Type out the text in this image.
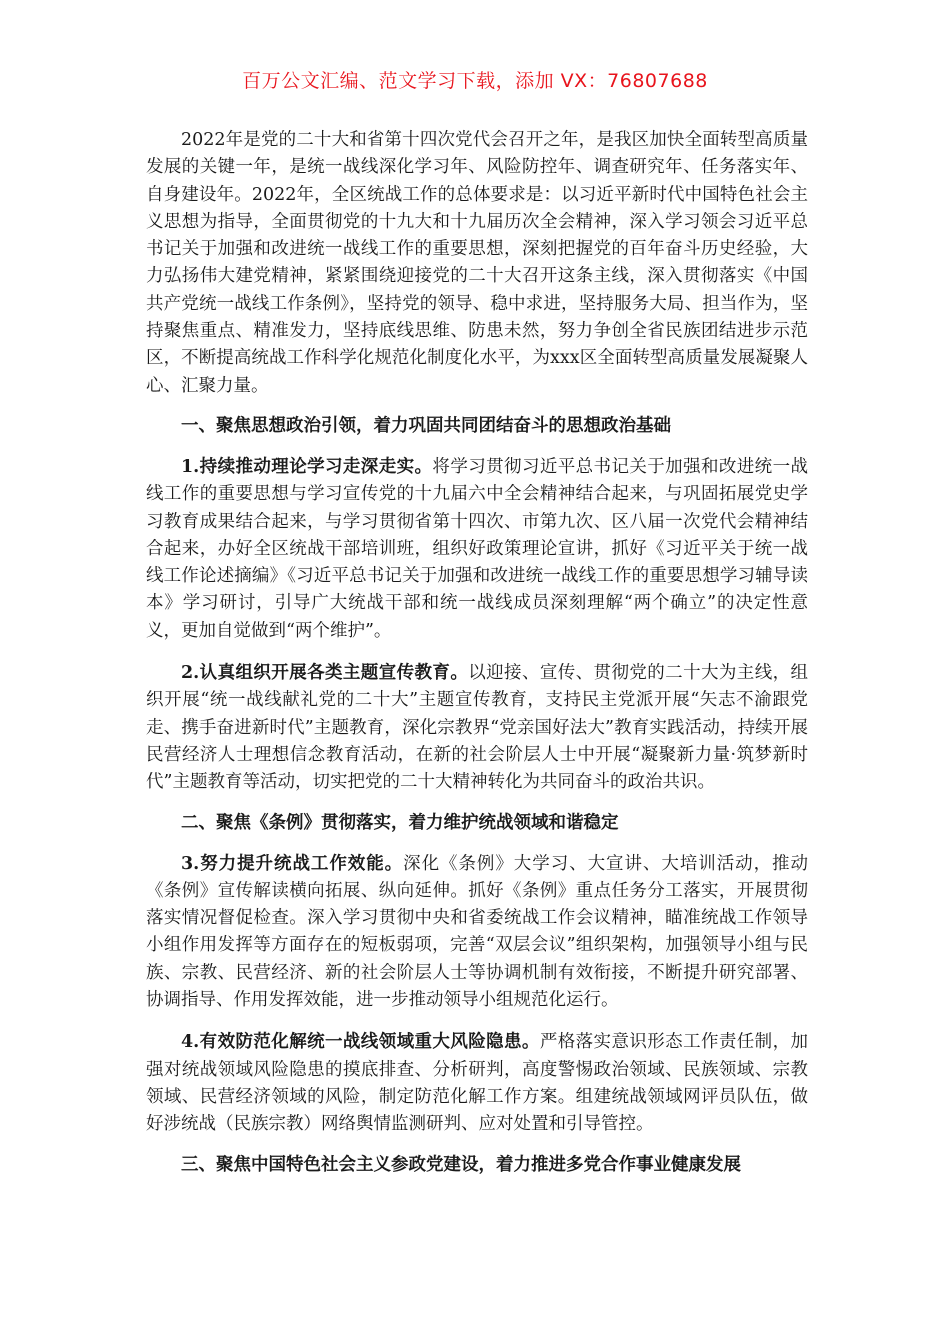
百万公文汇编、范文学习下载，添加 VX：76807688

2022年是党的二十大和省第十四次党代会召开之年，是我区加快全面转型高质量发展的关键一年，是统一战线深化学习年、风险防控年、调查研究年、任务落实年、自身建设年。2022年，全区统战工作的总体要求是：以习近平新时代中国特色社会主义思想为指导，全面贯彻党的十九大和十九届历次全会精神，深入学习领会习近平总书记关于加强和改进统一战线工作的重要思想，深刻把握党的百年奋斗历史经验，大力弘扬伟大建党精神，紧紧围绕迎接党的二十大召开这条主线，深入贯彻落实《中国共产党统一战线工作条例》，坚持党的领导、稳中求进，坚持服务大局、担当作为，坚持聚焦重点、精准发力，坚持底线思维、防患未然，努力争创全省民族团结进步示范区，不断提高统战工作科学化规范化制度化水平，为xxx区全面转型高质量发展凝聚人心、汇聚力量。

一、聚焦思想政治引领，着力巩固共同团结奋斗的思想政治基础

1.持续推动理论学习走深走实。将学习贯彻习近平总书记关于加强和改进统一战线工作的重要思想与学习宣传党的十九届六中全会精神结合起来，与巩固拓展党史学习教育成果结合起来，与学习贯彻省第十四次、市第九次、区八届一次党代会精神结合起来，办好全区统战干部培训班，组织好政策理论宣讲，抓好《习近平关于统一战线工作论述摘编》《习近平总书记关于加强和改进统一战线工作的重要思想学习辅导读本》学习研讨，引导广大统战干部和统一战线成员深刻理解“两个确立”的决定性意义，更加自觉做到“两个维护”。

2.认真组织开展各类主题宣传教育。以迎接、宣传、贯彻党的二十大为主线，组织开展“统一战线献礼党的二十大”主题宣传教育，支持民主党派开展“矢志不渝跟党走、携手奋进新时代”主题教育，深化宗教界“党亲国好法大”教育实践活动，持续开展民营经济人士理想信念教育活动，在新的社会阶层人士中开展“凝聚新力量·筑梦新时代”主题教育等活动，切实把党的二十大精神转化为共同奋斗的政治共识。

二、聚焦《条例》贯彻落实，着力维护统战领域和谐稳定

3.努力提升统战工作效能。深化《条例》大学习、大宣讲、大培训活动，推动《条例》宣传解读横向拓展、纵向延伸。抓好《条例》重点任务分工落实，开展贯彻落实情况督促检查。深入学习贯彻中央和省委统战工作会议精神，瞄准统战工作领导小组作用发挥等方面存在的短板弱项，完善“双层会议”组织架构，加强领导小组与民族、宗教、民营经济、新的社会阶层人士等协调机制有效衔接，不断提升研究部署、协调指导、作用发挥效能，进一步推动领导小组规范化运行。

4.有效防范化解统一战线领域重大风险隐患。严格落实意识形态工作责任制，加强对统战领域风险隐患的摸底排查、分析研判，高度警惕政治领域、民族领域、宗教领域、民营经济领域的风险，制定防范化解工作方案。组建统战领域网评员队伍，做好涉统战（民族宗教）网络舆情监测研判、应对处置和引导管控。

三、聚焦中国特色社会主义参政党建设，着力推进多党合作事业健康发展
